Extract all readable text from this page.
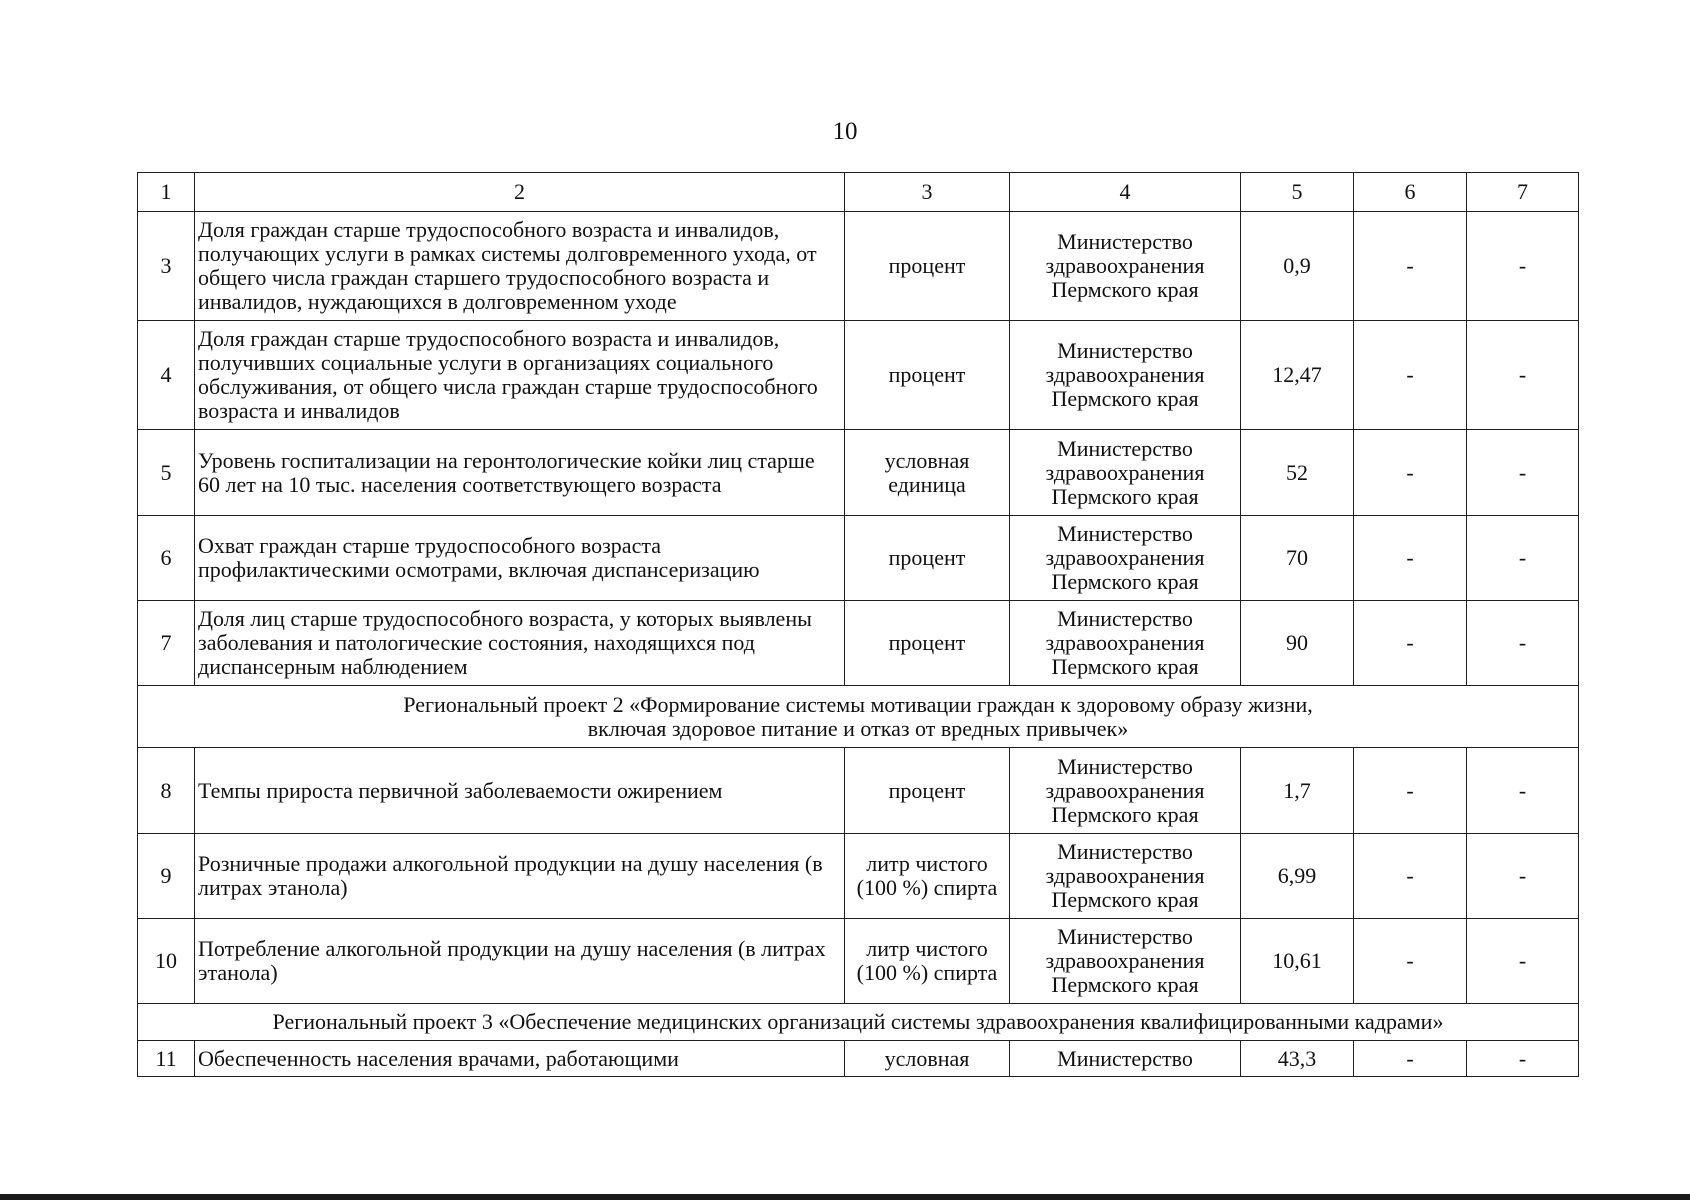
10
1	2	3	4	5	6	7
3	Доля граждан старше трудоспособного возраста и инвалидов, получающих услуги в рамках системы долговременного ухода, от общего числа граждан старшего трудоспособного возраста и инвалидов, нуждающихся в долговременном уходе	процент	Министерство здравоохранения Пермского края	0,9	-	-
4	Доля граждан старше трудоспособного возраста и инвалидов, получивших социальные услуги в организациях социального обслуживания, от общего числа граждан старше трудоспособного возраста и инвалидов	процент	Министерство здравоохранения Пермского края	12,47	-	-
5	Уровень госпитализации на геронтологические койки лиц старше 60 лет на 10 тыс. населения соответствующего возраста	условная единица	Министерство здравоохранения Пермского края	52	-	-
6	Охват граждан старше трудоспособного возраста профилактическими осмотрами, включая диспансеризацию	процент	Министерство здравоохранения Пермского края	70	-	-
7	Доля лиц старше трудоспособного возраста, у которых выявлены заболевания и патологические состояния, находящихся под диспансерным наблюдением	процент	Министерство здравоохранения Пермского края	90	-	-
Региональный проект 2 «Формирование системы мотивации граждан к здоровому образу жизни,
включая здоровое питание и отказ от вредных привычек»						
8	Темпы прироста первичной заболеваемости ожирением	процент	Министерство здравоохранения Пермского края	1,7	-	-
9	Розничные продажи алкогольной продукции на душу населения (в литрах этанола)	литр чистого (100 %) спирта	Министерство здравоохранения Пермского края	6,99	-	-
10	Потребление алкогольной продукции на душу населения (в литрах этанола)	литр чистого (100 %) спирта	Министерство здравоохранения Пермского края	10,61	-	-
Региональный проект 3 «Обеспечение медицинских организаций системы здравоохранения квалифицированными кадрами»						
11	Обеспеченность населения врачами, работающими	условная	Министерство	43,3	-	-
